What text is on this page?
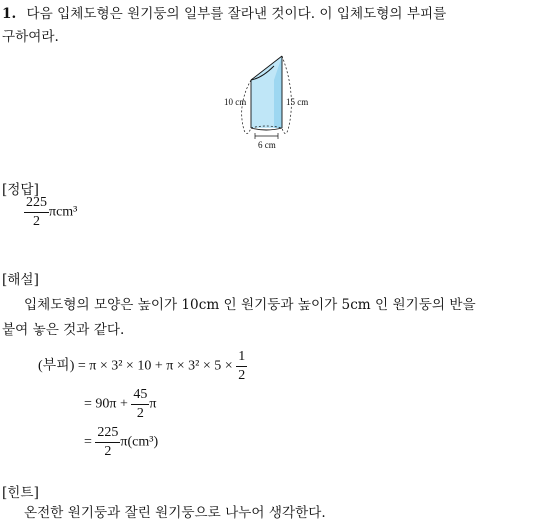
1. 다음 입체도형은 원기둥의 일부를 잘라낸 것이다. 이 입체도형의 부피를
구하여라.
10 cm	15 cm
6 cm
[정답]
$\frac{225}{2} \pi cm^3$
[해설]
입체도형의 모양은 높이가 10cm 인 원기둥과 높이가 5cm 인 원기둥의 반을
붙여 놓은 것과 같다.
(부피) = $\pi \times 3^2 \times 10 + \pi \times 3^2 \times 5 \times \frac{1}{2}$
= $90\pi + \frac{45}{2}$ π
= $\frac{225}{2} \pi(cm^3)$
[힌트]
온전한 원기둥과 잘린 원기둥으로 나누어 생각한다.
